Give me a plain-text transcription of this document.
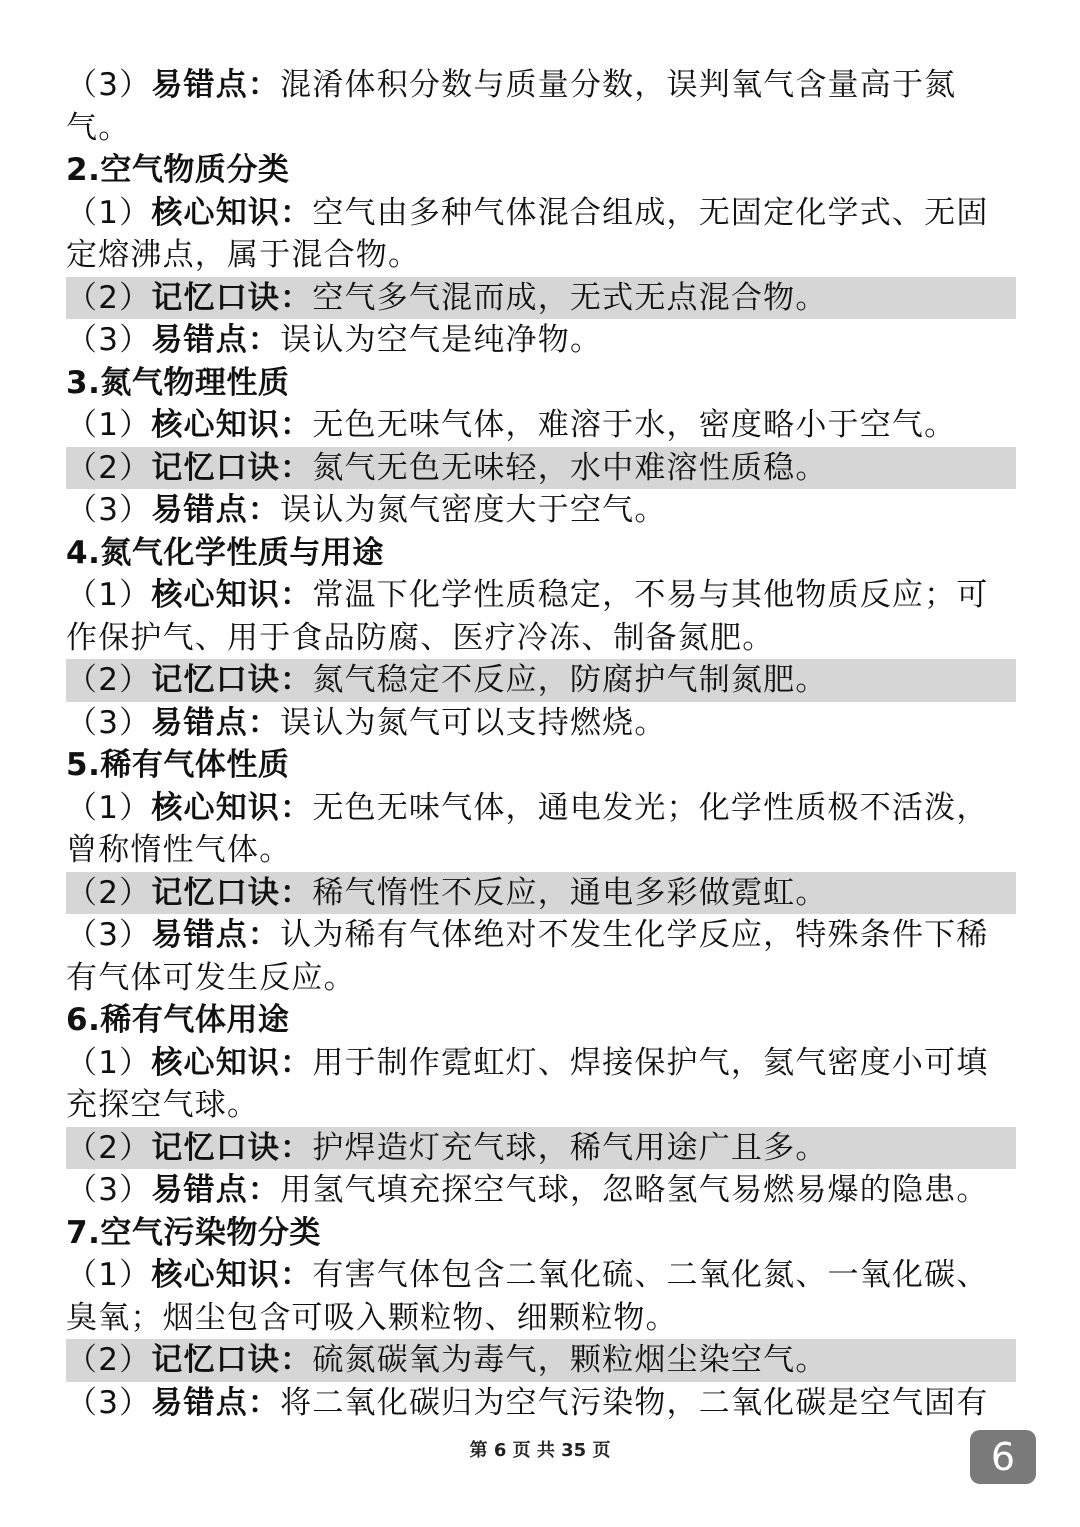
（3）易错点：混淆体积分数与质量分数，误判氧气含量高于氮
气。
2.空气物质分类
（1）核心知识：空气由多种气体混合组成，无固定化学式、无固
定熔沸点，属于混合物。
（2）记忆口诀：空气多气混而成，无式无点混合物。
（3）易错点：误认为空气是纯净物。
3.氮气物理性质
（1）核心知识：无色无味气体，难溶于水，密度略小于空气。
（2）记忆口诀：氮气无色无味轻，水中难溶性质稳。
（3）易错点：误认为氮气密度大于空气。
4.氮气化学性质与用途
（1）核心知识：常温下化学性质稳定，不易与其他物质反应；可
作保护气、用于食品防腐、医疗冷冻、制备氮肥。
（2）记忆口诀：氮气稳定不反应，防腐护气制氮肥。
（3）易错点：误认为氮气可以支持燃烧。
5.稀有气体性质
（1）核心知识：无色无味气体，通电发光；化学性质极不活泼，
曾称惰性气体。
（2）记忆口诀：稀气惰性不反应，通电多彩做霓虹。
（3）易错点：认为稀有气体绝对不发生化学反应，特殊条件下稀
有气体可发生反应。
6.稀有气体用途
（1）核心知识：用于制作霓虹灯、焊接保护气，氦气密度小可填
充探空气球。
（2）记忆口诀：护焊造灯充气球，稀气用途广且多。
（3）易错点：用氢气填充探空气球，忽略氢气易燃易爆的隐患。
7.空气污染物分类
（1）核心知识：有害气体包含二氧化硫、二氧化氮、一氧化碳、
臭氧；烟尘包含可吸入颗粒物、细颗粒物。
（2）记忆口诀：硫氮碳氧为毒气，颗粒烟尘染空气。
（3）易错点：将二氧化碳归为空气污染物，二氧化碳是空气固有
第 6 页 共 35 页	6
